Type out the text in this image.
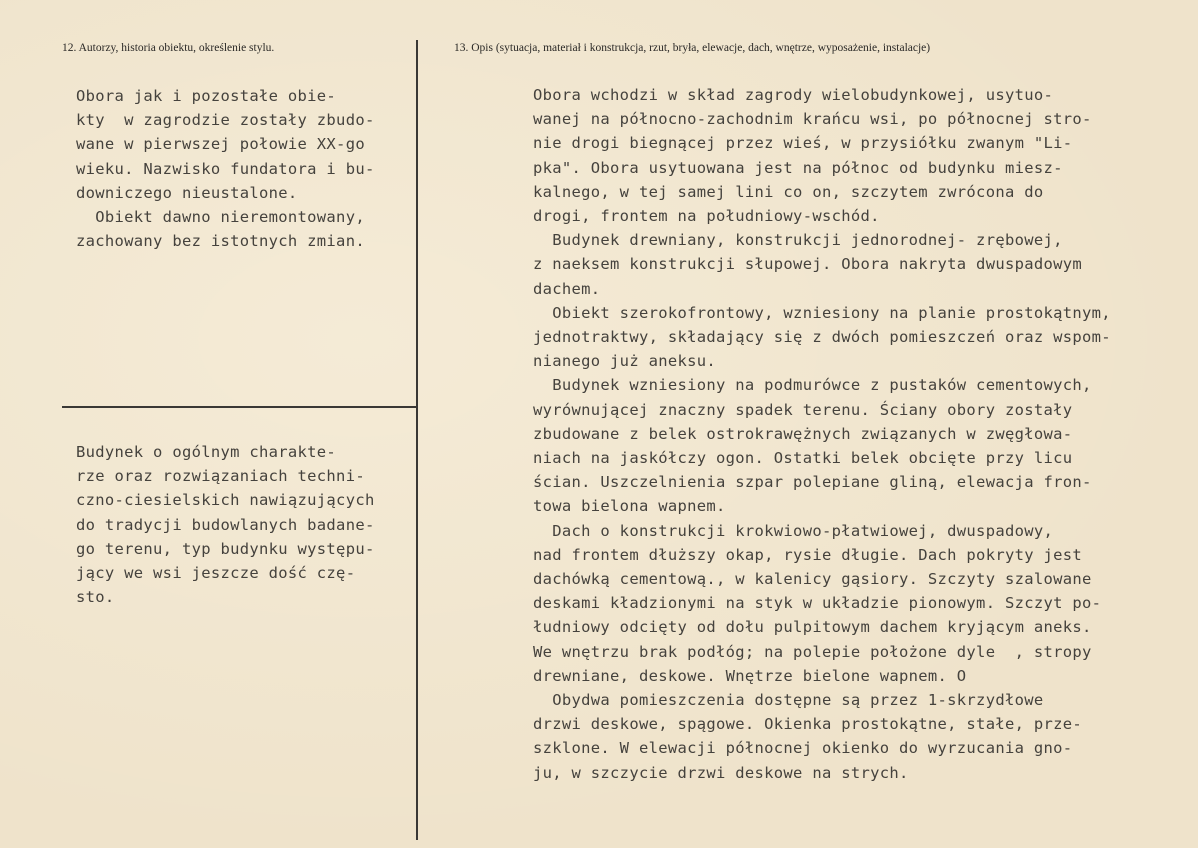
12. Autorzy, historia obiektu, określenie stylu.	13. Opis (sytuacja, materiał i konstrukcja, rzut, bryła, elewacje, dach, wnętrze, wyposażenie, instalacje)
Obora jak i pozostałe obie-
kty  w zagrodzie zostały zbudo-
wane w pierwszej połowie XX-go
wieku. Nazwisko fundatora i bu-
downiczego nieustalone.
Obiekt dawno nieremontowany,
zachowany bez istotnych zmian.
Budynek o ogólnym charakte-
rze oraz rozwiązaniach techni-
czno-ciesielskich nawiązujących
do tradycji budowlanych badane-
go terenu, typ budynku występu-
jący we wsi jeszcze dość czę-
sto.
Obora wchodzi w skład zagrody wielobudynkowej, usytuo-
wanej na północno-zachodnim krańcu wsi, po północnej stro-
nie drogi biegnącej przez wieś, w przysiółku zwanym "Li-
pka". Obora usytuowana jest na północ od budynku miesz-
kalnego, w tej samej lini co on, szczytem zwrócona do
drogi, frontem na południowy-wschód.
Budynek drewniany, konstrukcji jednorodnej- zrębowej,
z naeksem konstrukcji słupowej. Obora nakryta dwuspadowym
dachem.
Obiekt szerokofrontowy, wzniesiony na planie prostokątnym,
jednotraktwy, składający się z dwóch pomieszczeń oraz wspom-
nianego już aneksu.
Budynek wzniesiony na podmurówce z pustaków cementowych,
wyrównującej znaczny spadek terenu. Ściany obory zostały
zbudowane z belek ostrokrawężnych związanych w zwęgłowa-
niach na jaskółczy ogon. Ostatki belek obcięte przy licu
ścian. Uszczelnienia szpar polepiane gliną, elewacja fron-
towa bielona wapnem.
Dach o konstrukcji krokwiowo-płatwiowej, dwuspadowy,
nad frontem dłuższy okap, rysie długie. Dach pokryty jest
dachówką cementową., w kalenicy gąsiory. Szczyty szalowane
deskami kładzionymi na styk w układzie pionowym. Szczyt po-
łudniowy odcięty od dołu pulpitowym dachem kryjącym aneks.
We wnętrzu brak podłóg; na polepie położone dyle  , stropy
drewniane, deskowe. Wnętrze bielone wapnem. O
Obydwa pomieszczenia dostępne są przez 1-skrzydłowe
drzwi deskowe, spągowe. Okienka prostokątne, stałe, prze-
szklone. W elewacji północnej okienko do wyrzucania gno-
ju, w szczycie drzwi deskowe na strych.
